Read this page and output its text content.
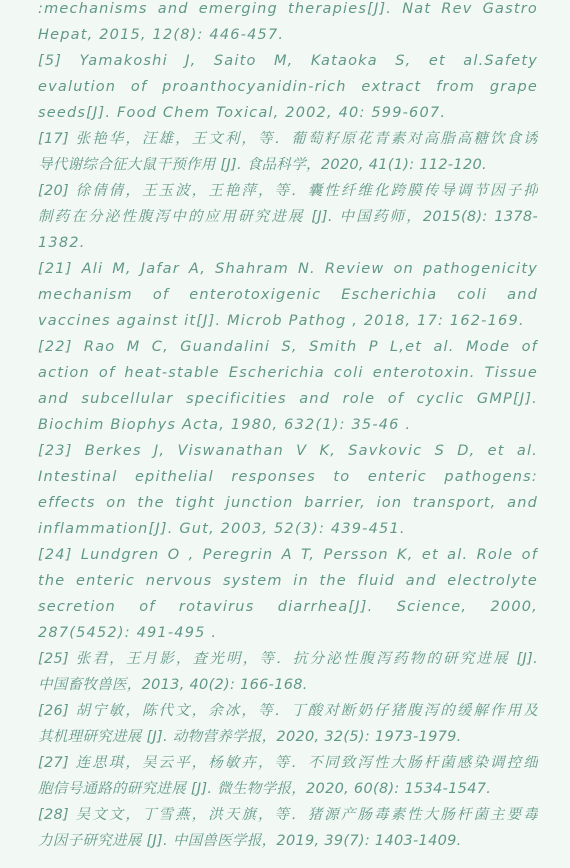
:mechanisms and emerging therapies[J]. Nat Rev Gastro
Hepat, 2015, 12(8): 446-457.
[5] Yamakoshi J, Saito M, Kataoka S, et al.Safety
evalution of proanthocyanidin-rich extract from grape
seeds[J]. Food Chem Toxical, 2002, 40: 599-607.
[17] 张艳华，汪雄，王文利，等．葡萄籽原花青素对高脂高糖饮食诱
导代谢综合征大鼠干预作用 [J]. 食品科学，2020, 41(1): 112-120.
[20] 徐倩倩，王玉波，王艳萍，等．囊性纤维化跨膜传导调节因子抑
制药在分泌性腹泻中的应用研究进展 [J]. 中国药师，2015(8): 1378-
1382.
[21] Ali M, Jafar A, Shahram N. Review on pathogenicity
mechanism of enterotoxigenic Escherichia coli and
vaccines against it[J]. Microb Pathog , 2018, 17: 162-169.
[22] Rao M C, Guandalini S, Smith P L,et al. Mode of
action of heat-stable Escherichia coli enterotoxin. Tissue
and subcellular specificities and role of cyclic GMP[J].
Biochim Biophys Acta, 1980, 632(1): 35-46 .
[23] Berkes J, Viswanathan V K, Savkovic S D, et al.
Intestinal epithelial responses to enteric pathogens:
effects on the tight junction barrier, ion transport, and
inflammation[J]. Gut, 2003, 52(3): 439-451.
[24] Lundgren O , Peregrin A T, Persson K, et al. Role of
the enteric nervous system in the fluid and electrolyte
secretion of rotavirus diarrhea[J]. Science, 2000,
287(5452): 491-495 .
[25] 张君，王月影，査光明，等．抗分泌性腹泻药物的研究进展 [J].
中国畜牧兽医，2013, 40(2): 166-168.
[26] 胡宁敏，陈代文，余冰，等．丁酸对断奶仔猪腹泻的缓解作用及
其机理研究进展 [J]. 动物营养学报，2020, 32(5): 1973-1979.
[27] 连思琪，吴云平，杨敏卉，等．不同致泻性大肠杆菌感染调控细
胞信号通路的研究进展 [J]. 微生物学报，2020, 60(8): 1534-1547.
[28] 吴文文，丁雪燕，洪天旗，等．猪源产肠毒素性大肠杆菌主要毒
力因子研究进展 [J]. 中国兽医学报，2019, 39(7): 1403-1409.
